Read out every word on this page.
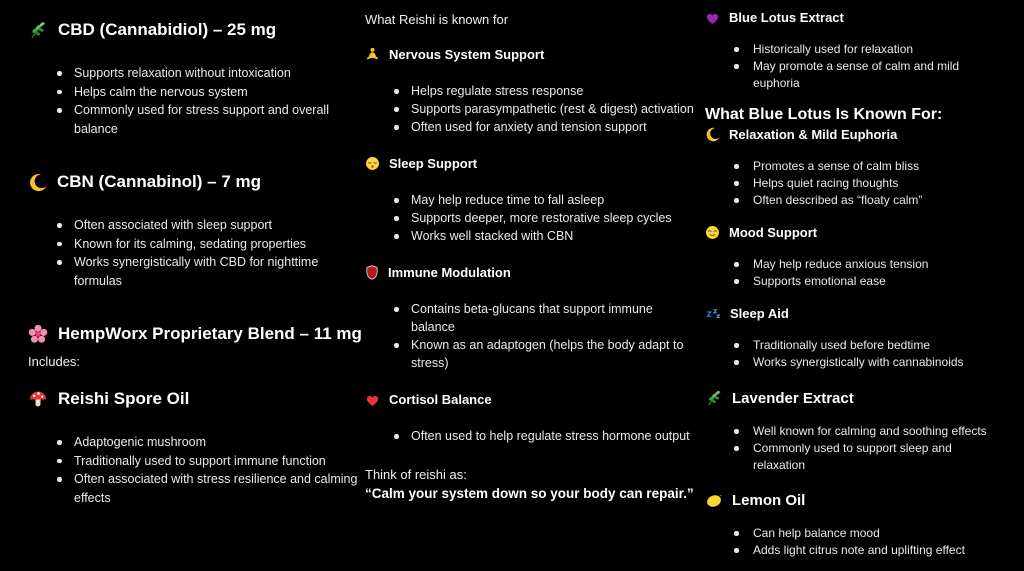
CBD (Cannabidiol) – 25 mg
Supports relaxation without intoxication
Helps calm the nervous system
Commonly used for stress support and overall balance
CBN (Cannabinol) – 7 mg
Often associated with sleep support
Known for its calming, sedating properties
Works synergistically with CBD for nighttime formulas
HempWorx Proprietary Blend – 11 mg
Includes:
Reishi Spore Oil
Adaptogenic mushroom
Traditionally used to support immune function
Often associated with stress resilience and calming effects
What Reishi is known for
Nervous System Support
Helps regulate stress response
Supports parasympathetic (rest & digest) activation
Often used for anxiety and tension support
Sleep Support
May help reduce time to fall asleep
Supports deeper, more restorative sleep cycles
Works well stacked with CBN
Immune Modulation
Contains beta-glucans that support immune balance
Known as an adaptogen (helps the body adapt to stress)
Cortisol Balance
Often used to help regulate stress hormone output
Think of reishi as:
“Calm your system down so your body can repair.”
Blue Lotus Extract
Historically used for relaxation
May promote a sense of calm and mild euphoria
What Blue Lotus Is Known For:
Relaxation & Mild Euphoria
Promotes a sense of calm bliss
Helps quiet racing thoughts
Often described as “floaty calm”
Mood Support
May help reduce anxious tension
Supports emotional ease
Sleep Aid
Traditionally used before bedtime
Works synergistically with cannabinoids
Lavender Extract
Well known for calming and soothing effects
Commonly used to support sleep and relaxation
Lemon Oil
Can help balance mood
Adds light citrus note and uplifting effect
